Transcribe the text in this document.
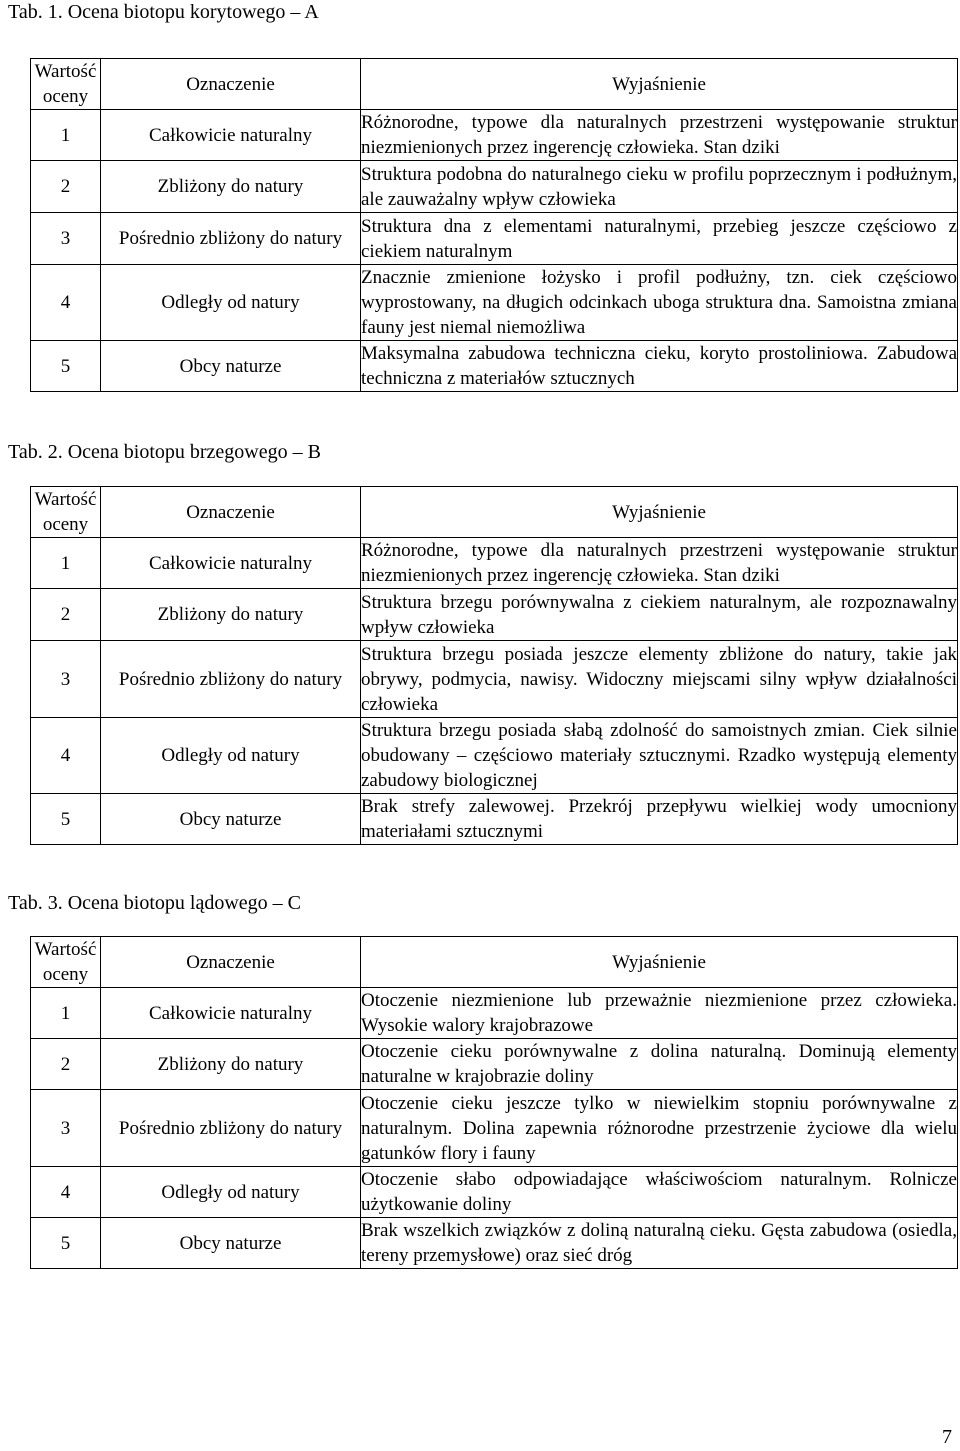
Tab. 1. Ocena biotopu korytowego – A
Wartość oceny	Oznaczenie	Wyjaśnienie
1	Całkowicie naturalny	Różnorodne, typowe dla naturalnych przestrzeni występowanie struktur niezmienionych przez ingerencję człowieka. Stan dziki
2	Zbliżony do natury	Struktura podobna do naturalnego cieku w profilu poprzecznym i podłużnym, ale zauważalny wpływ człowieka
3	Pośrednio zbliżony do natury	Struktura dna z elementami naturalnymi, przebieg jeszcze częściowo z ciekiem naturalnym
4	Odległy od natury	Znacznie zmienione łożysko i profil podłużny, tzn. ciek częściowo wyprostowany, na długich odcinkach uboga struktura dna. Samoistna zmiana fauny jest niemal niemożliwa
5	Obcy naturze	Maksymalna zabudowa techniczna cieku, koryto prostoliniowa. Zabudowa techniczna z materiałów sztucznych
Tab. 2. Ocena biotopu brzegowego – B
Wartość oceny	Oznaczenie	Wyjaśnienie
1	Całkowicie naturalny	Różnorodne, typowe dla naturalnych przestrzeni występowanie struktur niezmienionych przez ingerencję człowieka. Stan dziki
2	Zbliżony do natury	Struktura brzegu porównywalna z ciekiem naturalnym, ale rozpoznawalny wpływ człowieka
3	Pośrednio zbliżony do natury	Struktura brzegu posiada jeszcze elementy zbliżone do natury, takie jak obrywy, podmycia, nawisy. Widoczny miejscami silny wpływ działalności człowieka
4	Odległy od natury	Struktura brzegu posiada słabą zdolność do samoistnych zmian. Ciek silnie obudowany – częściowo materiały sztucznymi. Rzadko występują elementy zabudowy biologicznej
5	Obcy naturze	Brak strefy zalewowej. Przekrój przepływu wielkiej wody umocniony materiałami sztucznymi
Tab. 3. Ocena biotopu lądowego – C
Wartość oceny	Oznaczenie	Wyjaśnienie
1	Całkowicie naturalny	Otoczenie niezmienione lub przeważnie niezmienione przez człowieka. Wysokie walory krajobrazowe
2	Zbliżony do natury	Otoczenie cieku porównywalne z dolina naturalną. Dominują elementy naturalne w krajobrazie doliny
3	Pośrednio zbliżony do natury	Otoczenie cieku jeszcze tylko w niewielkim stopniu porównywalne z naturalnym. Dolina zapewnia różnorodne przestrzenie życiowe dla wielu gatunków flory i fauny
4	Odległy od natury	Otoczenie słabo odpowiadające właściwościom naturalnym. Rolnicze użytkowanie doliny
5	Obcy naturze	Brak wszelkich związków z doliną naturalną cieku. Gęsta zabudowa (osiedla, tereny przemysłowe) oraz sieć dróg
7
